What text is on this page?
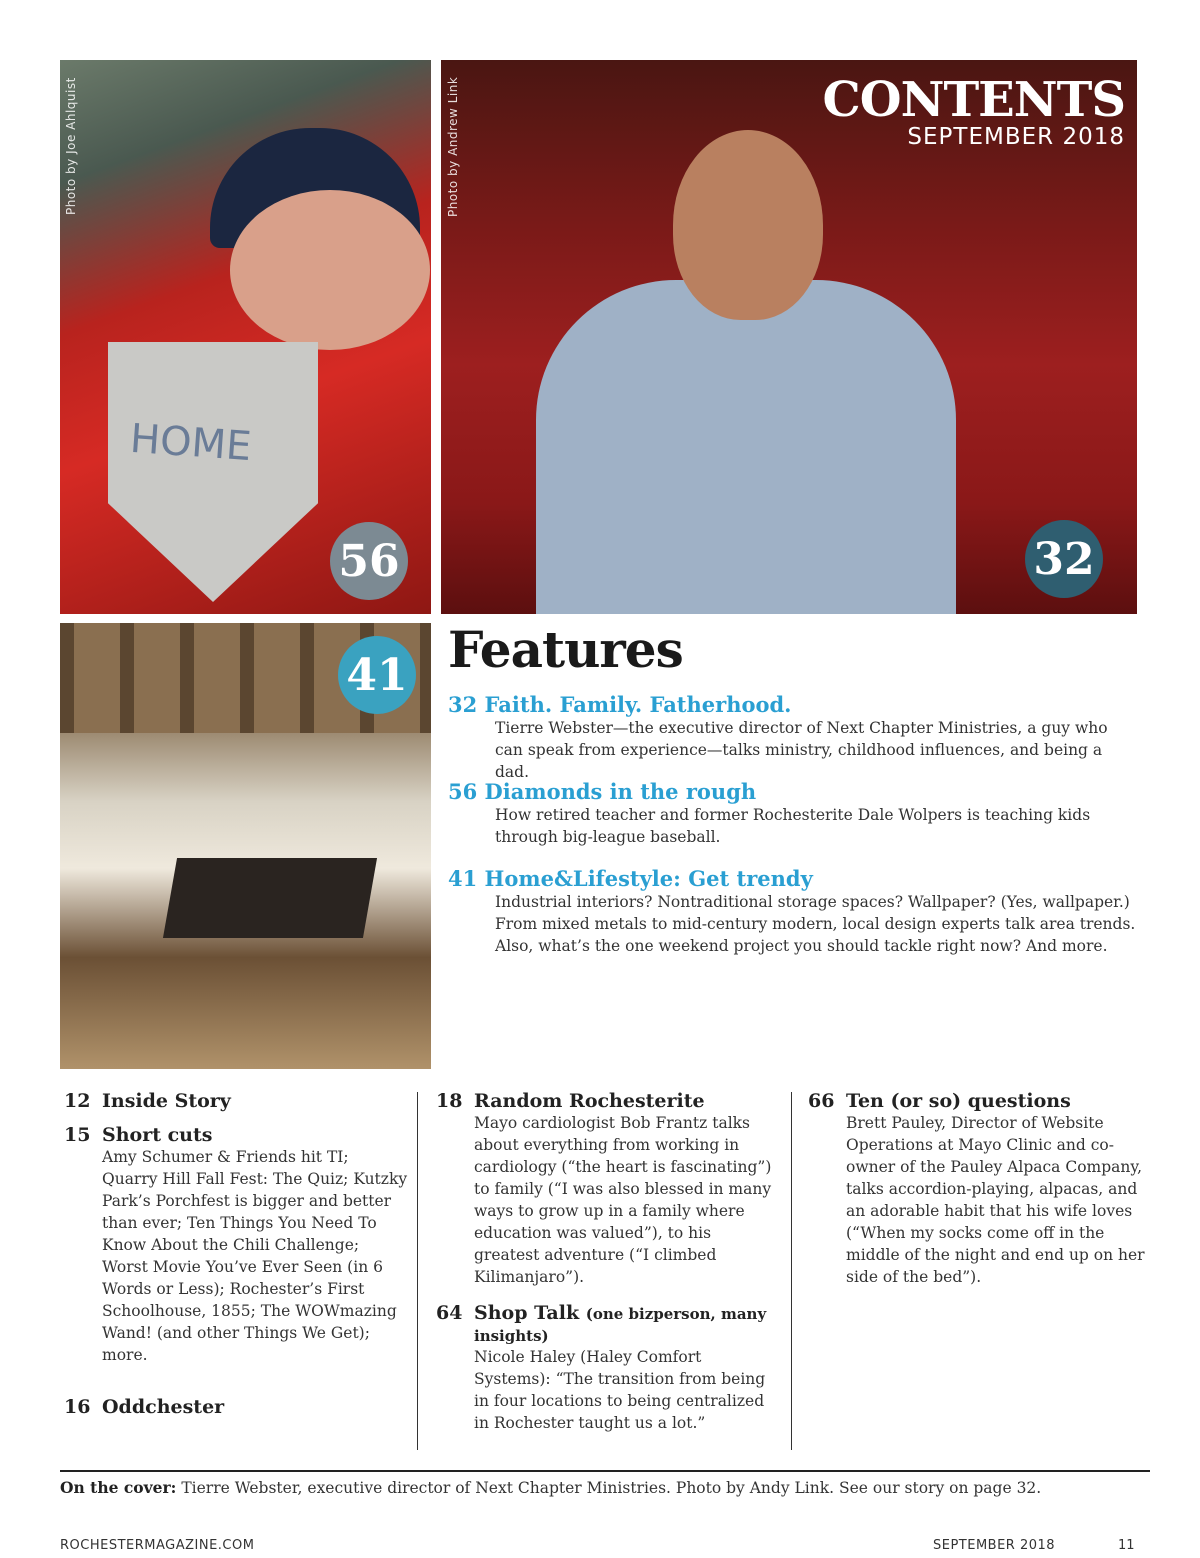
HOME
Photo by Joe Ahlquist
56
Photo by Andrew Link	CONTENTS
SEPTEMBER 2018
32
41 Features
32 Faith. Family. Fatherhood.
Tierre Webster—the executive director of Next Chapter Ministries, a guy who can speak from experience—talks ministry, childhood influences, and being a dad.
56 Diamonds in the rough
How retired teacher and former Rochesterite Dale Wolpers is teaching kids through big-league baseball.
41 Home&Lifestyle: Get trendy
Industrial interiors? Nontraditional storage spaces? Wallpaper? (Yes, wallpaper.) From mixed metals to mid-century modern, local design experts talk area trends. Also, what’s the one weekend project you should tackle right now? And more.
12 Inside Story
15 Short cuts
Amy Schumer & Friends hit TI; Quarry Hill Fall Fest: The Quiz; Kutzky Park’s Porchfest is bigger and better than ever; Ten Things You Need To Know About the Chili Challenge; Worst Movie You’ve Ever Seen (in 6 Words or Less); Rochester’s First Schoolhouse, 1855; The WOWmazing Wand! (and other Things We Get); more.
16 Oddchester
18 Random Rochesterite
Mayo cardiologist Bob Frantz talks about everything from working in cardiology (“the heart is fascinating”) to family (“I was also blessed in many ways to grow up in a family where education was valued”), to his greatest adventure (“I climbed Kilimanjaro”).
64 Shop Talk (one bizperson, many insights)
Nicole Haley (Haley Comfort Systems): “The transition from being in four locations to being centralized in Rochester taught us a lot.”
66 Ten (or so) questions
Brett Pauley, Director of Website Operations at Mayo Clinic and co-owner of the Pauley Alpaca Company, talks accordion-playing, alpacas, and an adorable habit that his wife loves (“When my socks come off in the middle of the night and end up on her side of the bed”).
On the cover: Tierre Webster, executive director of Next Chapter Ministries. Photo by Andy Link. See our story on page 32.
ROCHESTERMAGAZINE.COM	SEPTEMBER 2018	11
